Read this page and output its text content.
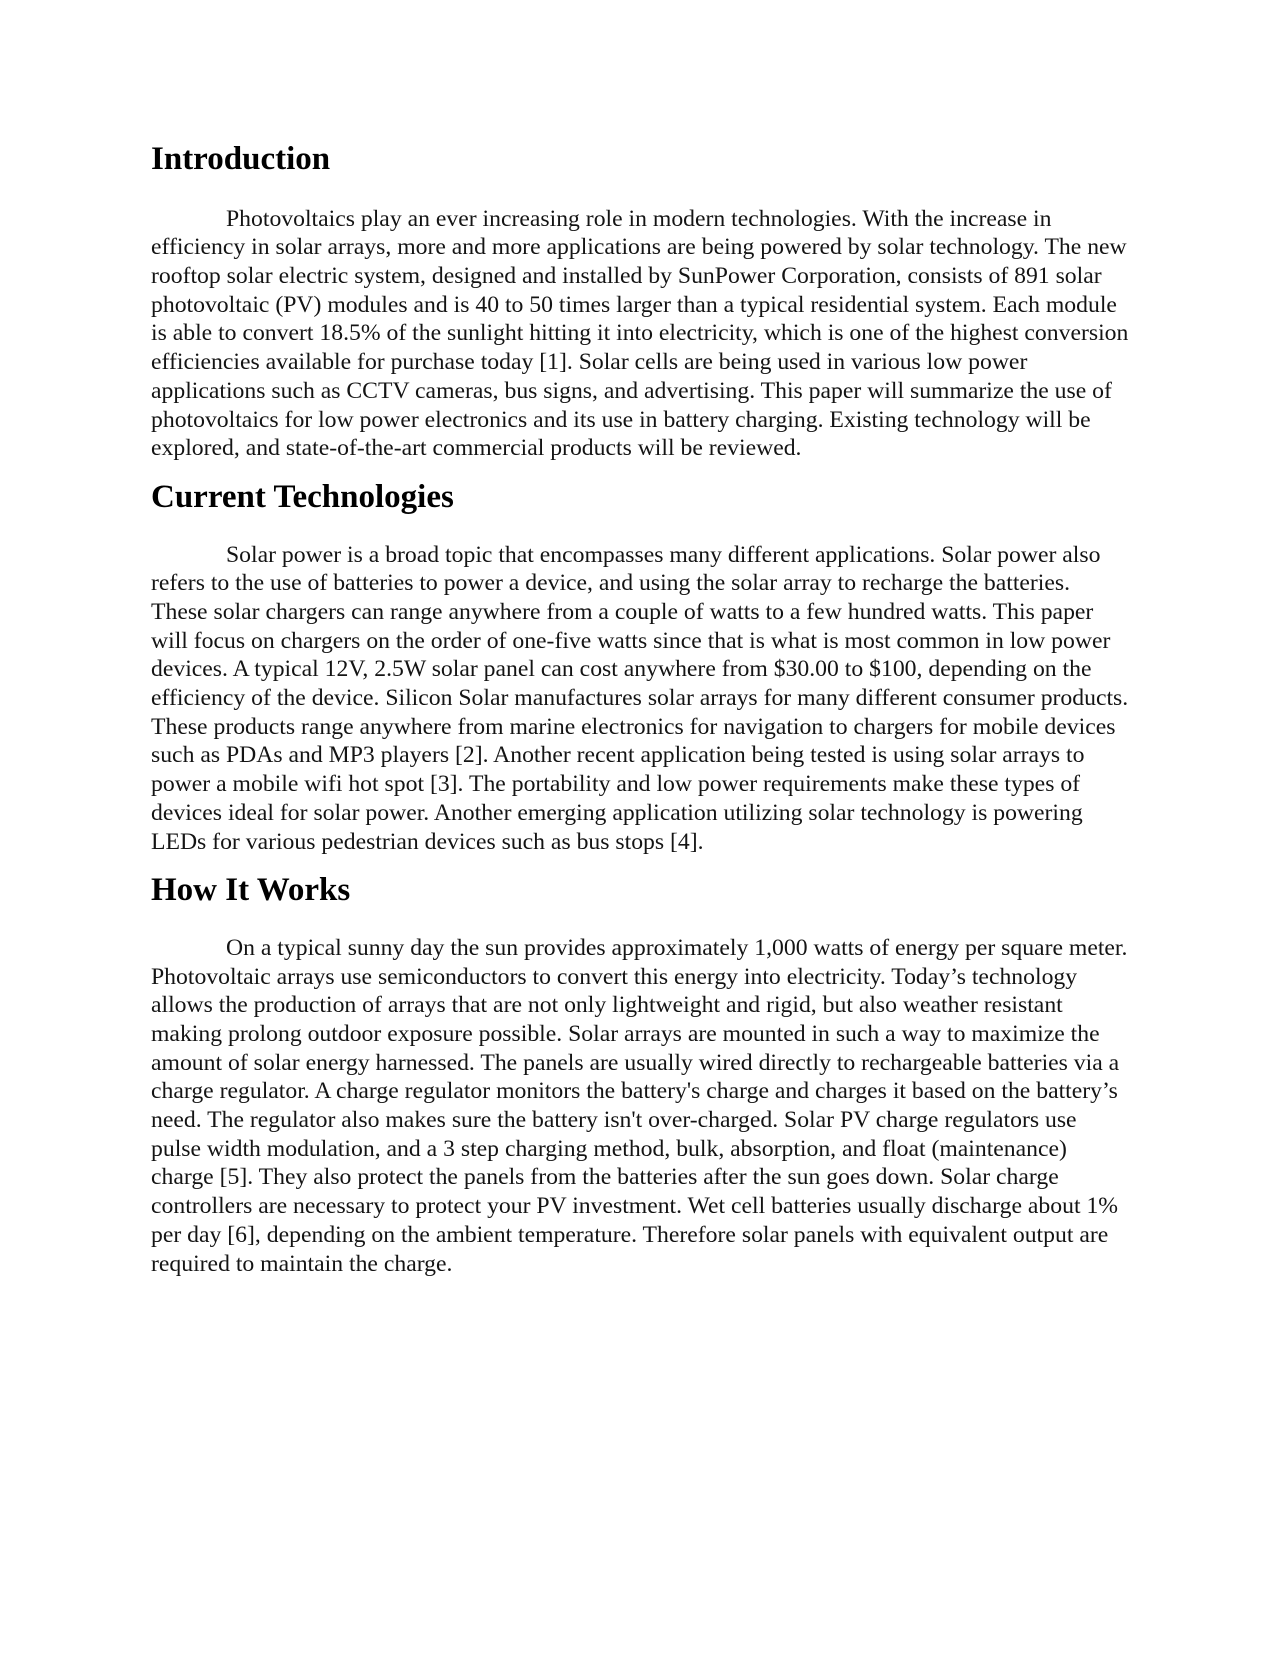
Introduction

Photovoltaics play an ever increasing role in modern technologies. With the increase in efficiency in solar arrays, more and more applications are being powered by solar technology. The new rooftop solar electric system, designed and installed by SunPower Corporation, consists of 891 solar photovoltaic (PV) modules and is 40 to 50 times larger than a typical residential system. Each module is able to convert 18.5% of the sunlight hitting it into electricity, which is one of the highest conversion efficiencies available for purchase today [1]. Solar cells are being used in various low power applications such as CCTV cameras, bus signs, and advertising. This paper will summarize the use of photovoltaics for low power electronics and its use in battery charging. Existing technology will be explored, and state-of-the-art commercial products will be reviewed.

Current Technologies

Solar power is a broad topic that encompasses many different applications. Solar power also refers to the use of batteries to power a device, and using the solar array to recharge the batteries. These solar chargers can range anywhere from a couple of watts to a few hundred watts. This paper will focus on chargers on the order of one-five watts since that is what is most common in low power devices. A typical 12V, 2.5W solar panel can cost anywhere from $30.00 to $100, depending on the efficiency of the device. Silicon Solar manufactures solar arrays for many different consumer products. These products range anywhere from marine electronics for navigation to chargers for mobile devices such as PDAs and MP3 players [2]. Another recent application being tested is using solar arrays to power a mobile wifi hot spot [3]. The portability and low power requirements make these types of devices ideal for solar power. Another emerging application utilizing solar technology is powering LEDs for various pedestrian devices such as bus stops [4].

How It Works

On a typical sunny day the sun provides approximately 1,000 watts of energy per square meter. Photovoltaic arrays use semiconductors to convert this energy into electricity. Today’s technology allows the production of arrays that are not only lightweight and rigid, but also weather resistant making prolong outdoor exposure possible. Solar arrays are mounted in such a way to maximize the amount of solar energy harnessed. The panels are usually wired directly to rechargeable batteries via a charge regulator. A charge regulator monitors the battery's charge and charges it based on the battery’s need. The regulator also makes sure the battery isn't over-charged. Solar PV charge regulators use pulse width modulation, and a 3 step charging method, bulk, absorption, and float (maintenance) charge [5]. They also protect the panels from the batteries after the sun goes down. Solar charge controllers are necessary to protect your PV investment. Wet cell batteries usually discharge about 1% per day [6], depending on the ambient temperature. Therefore solar panels with equivalent output are required to maintain the charge.
